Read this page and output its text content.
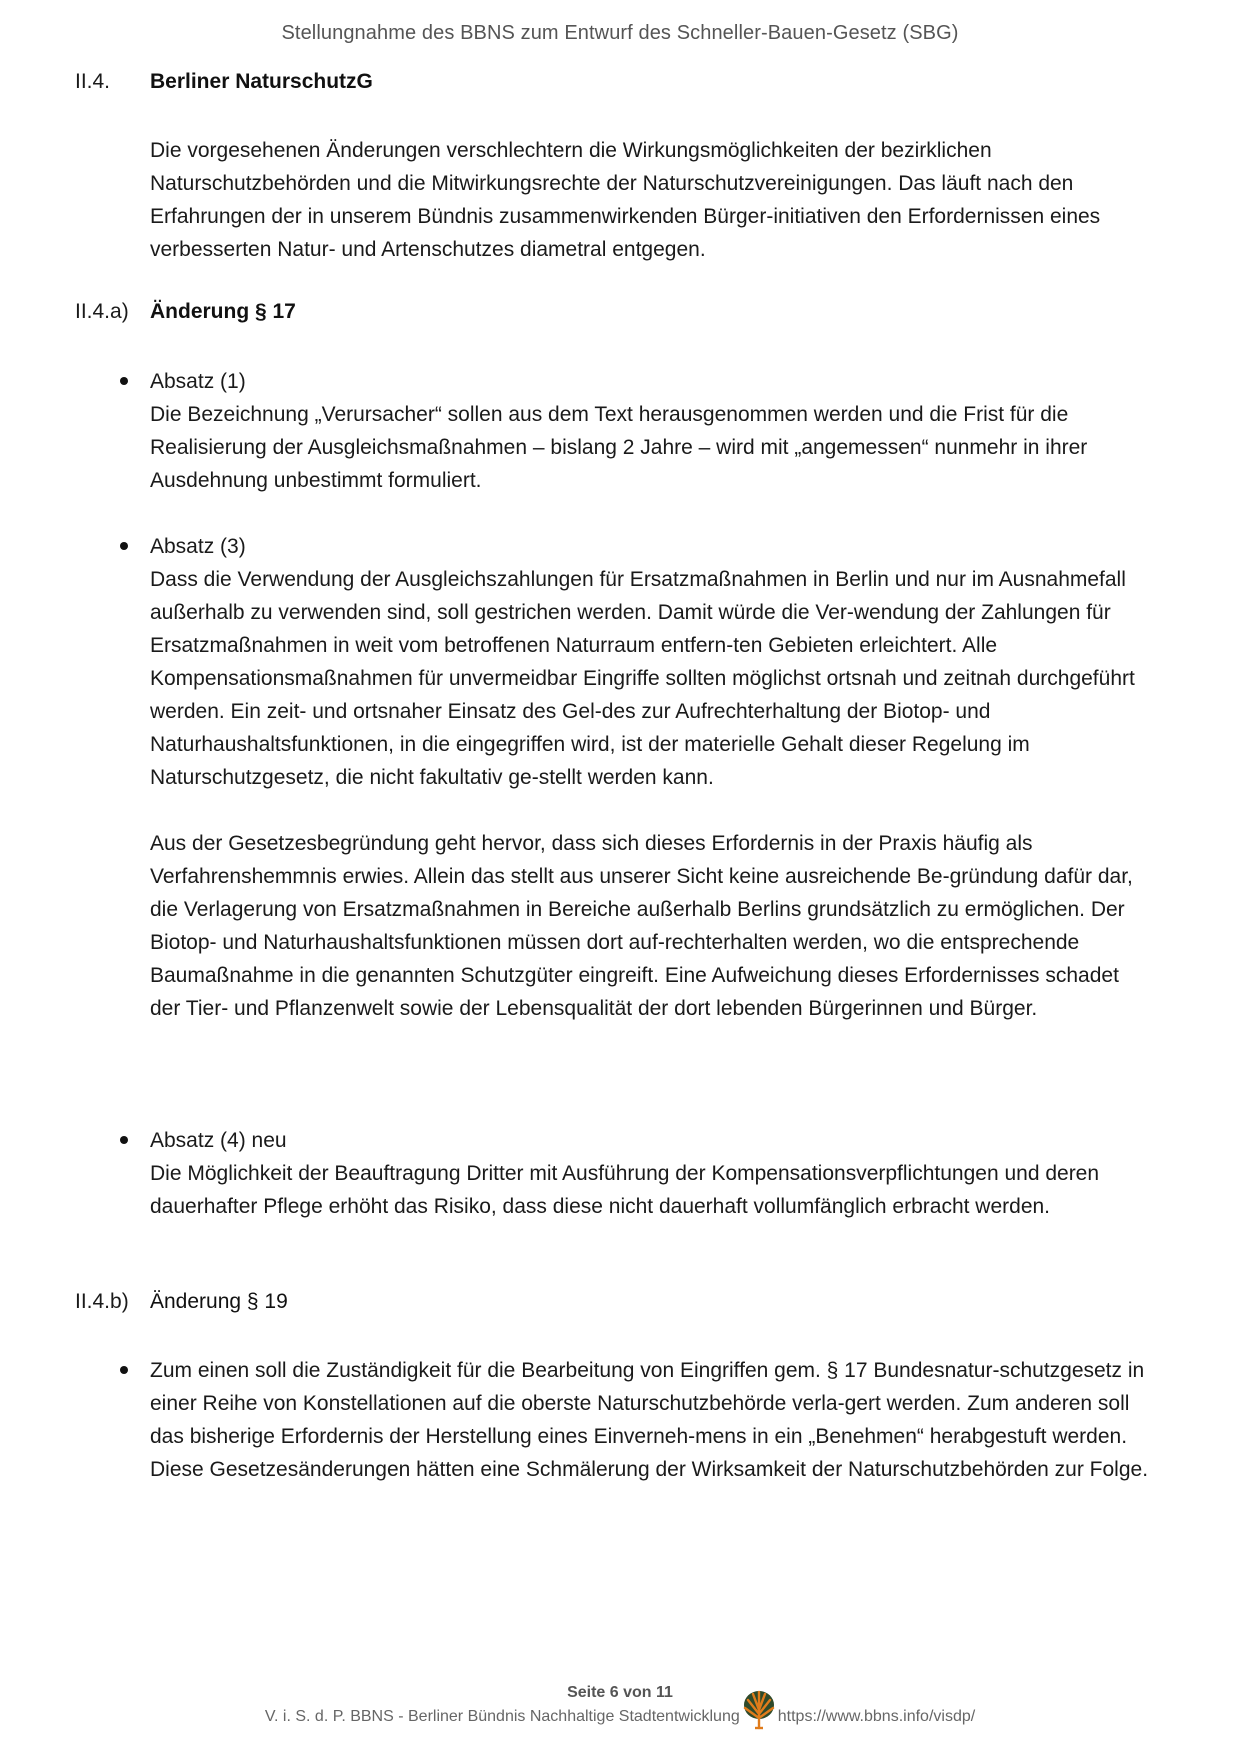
Stellungnahme des BBNS zum Entwurf des Schneller-Bauen-Gesetz (SBG)
II.4. Berliner NaturschutzG
Die vorgesehenen Änderungen verschlechtern die Wirkungsmöglichkeiten der bezirklichen Naturschutzbehörden und die Mitwirkungsrechte der Naturschutzvereinigungen. Das läuft nach den Erfahrungen der in unserem Bündnis zusammenwirkenden Bürger-initiativen den Erfordernissen eines verbesserten Natur- und Artenschutzes diametral entgegen.
II.4.a) Änderung § 17
Absatz (1)
Die Bezeichnung „Verursacher“ sollen aus dem Text herausgenommen werden und die Frist für die Realisierung der Ausgleichsmaßnahmen – bislang 2 Jahre – wird mit „angemessen“ nunmehr in ihrer Ausdehnung unbestimmt formuliert.
Absatz (3)
Dass die Verwendung der Ausgleichszahlungen für Ersatzmaßnahmen in Berlin und nur im Ausnahmefall außerhalb zu verwenden sind, soll gestrichen werden. Damit würde die Ver-wendung der Zahlungen für Ersatzmaßnahmen in weit vom betroffenen Naturraum entfern-ten Gebieten erleichtert. Alle Kompensationsmaßnahmen für unvermeidbar Eingriffe sollten möglichst ortsnah und zeitnah durchgeführt werden. Ein zeit- und ortsnaher Einsatz des Gel-des zur Aufrechterhaltung der Biotop- und Naturhaushaltsfunktionen, in die eingegriffen wird, ist der materielle Gehalt dieser Regelung im Naturschutzgesetz, die nicht fakultativ ge-stellt werden kann.
Aus der Gesetzesbegründung geht hervor, dass sich dieses Erfordernis in der Praxis häufig als Verfahrenshemmnis erwies. Allein das stellt aus unserer Sicht keine ausreichende Be-gründung dafür dar, die Verlagerung von Ersatzmaßnahmen in Bereiche außerhalb Berlins grundsätzlich zu ermöglichen. Der Biotop- und Naturhaushaltsfunktionen müssen dort auf-rechterhalten werden, wo die entsprechende Baumaßnahme in die genannten Schutzgüter eingreift. Eine Aufweichung dieses Erfordernisses schadet der Tier- und Pflanzenwelt sowie der Lebensqualität der dort lebenden Bürgerinnen und Bürger.
Absatz (4) neu
Die Möglichkeit der Beauftragung Dritter mit Ausführung der Kompensationsverpflichtungen und deren dauerhafter Pflege erhöht das Risiko, dass diese nicht dauerhaft vollumfänglich erbracht werden.
II.4.b) Änderung § 19
Zum einen soll die Zuständigkeit für die Bearbeitung von Eingriffen gem. § 17 Bundesnatur-schutzgesetz in einer Reihe von Konstellationen auf die oberste Naturschutzbehörde verla-gert werden. Zum anderen soll das bisherige Erfordernis der Herstellung eines Einverneh-mens in ein „Benehmen“ herabgestuft werden. Diese Gesetzesänderungen hätten eine Schmälerung der Wirksamkeit der Naturschutzbehörden zur Folge.
Seite 6 von 11
V. i. S. d. P. BBNS - Berliner Bündnis Nachhaltige Stadtentwicklung https://www.bbns.info/visdp/
